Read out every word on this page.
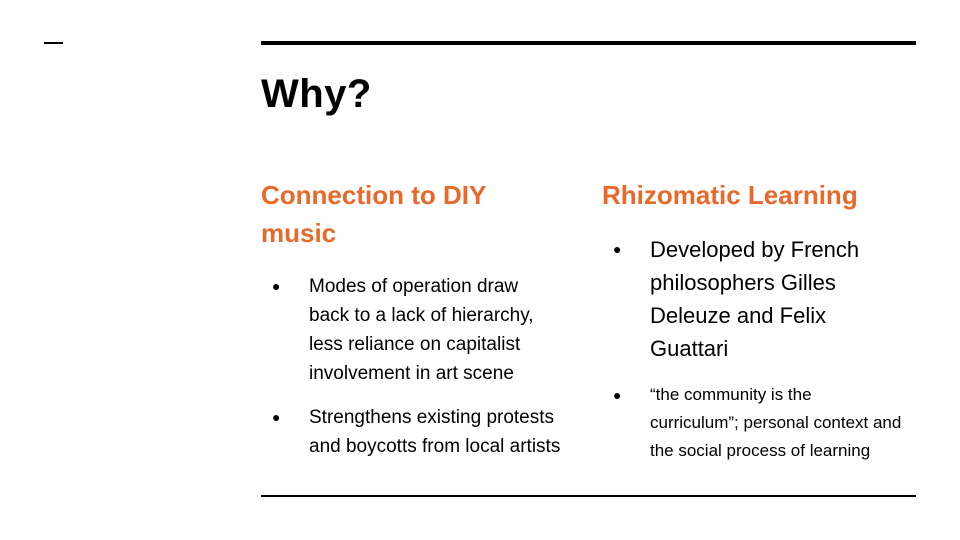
Why?
Connection to DIY music
● Modes of operation draw back to a lack of hierarchy, less reliance on capitalist involvement in art scene
● Strengthens existing protests and boycotts from local artists
Rhizomatic Learning
● Developed by French philosophers Gilles Deleuze and Felix Guattari
● “the community is the curriculum”; personal context and the social process of learning
